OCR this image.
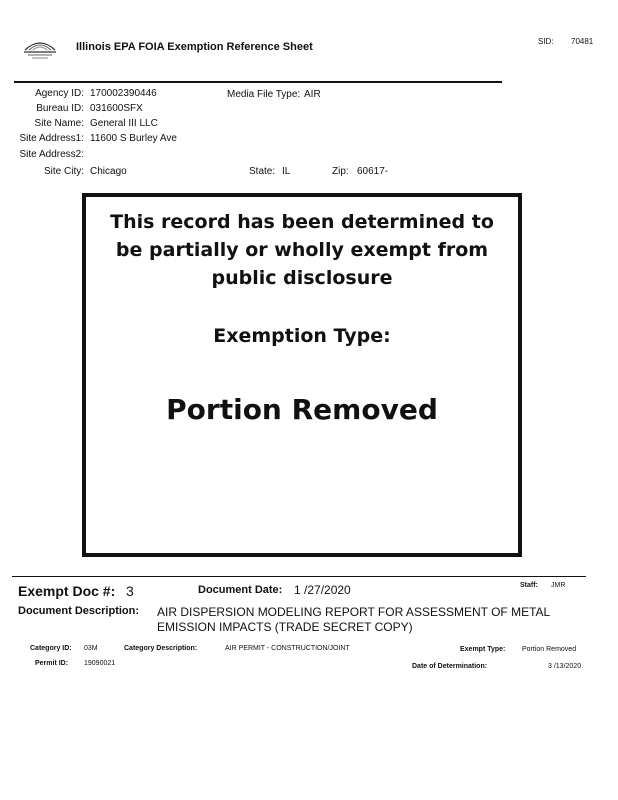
Illinois EPA FOIA Exemption Reference Sheet	SID: 70481
Agency ID: 170002390446	Media File Type: AIR
Bureau ID: 031600SFX
Site Name: General III LLC
Site Address1: 11600 S Burley Ave
Site Address2:
Site City: Chicago	State: IL	Zip: 60617-
This record has been determined to
be partially or wholly exempt from
public disclosure
Exemption Type:
Portion Removed
Exempt Doc #: 3	Document Date: 1 /27/2020	Staff: JMR
Document Description: AIR DISPERSION MODELING REPORT FOR ASSESSMENT OF METAL EMISSION IMPACTS (TRADE SECRET COPY)
Category ID: 03M	Category Description:	AIR PERMIT - CONSTRUCTION/JOINT	Exempt Type: Portion Removed
Permit ID: 19090021	Date of Determination:	3 /13/2020
